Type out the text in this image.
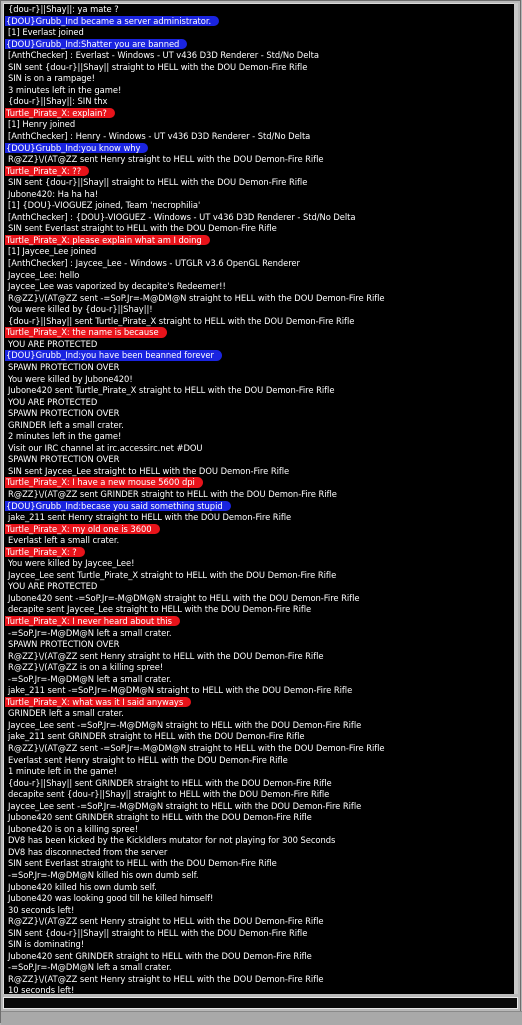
{dou-r}||Shay||: ya mate ?
{DOU}Grubb_Ind became a server administrator.
[1] Everlast joined
{DOU}Grubb_Ind:Shatter you are banned
[AnthChecker] : Everlast - Windows - UT v436 D3D Renderer - Std/No Delta
SIN sent {dou-r}||Shay|| straight to HELL with the DOU Demon-Fire Rifle
SIN is on a rampage!
3 minutes left in the game!
{dou-r}||Shay||: SIN thx
Turtle_Pirate_X: explain?
[1] Henry joined
[AnthChecker] : Henry - Windows - UT v436 D3D Renderer - Std/No Delta
{DOU}Grubb_Ind:you know why
R@ZZ}\/(AT@ZZ sent Henry straight to HELL with the DOU Demon-Fire Rifle
Turtle_Pirate_X: ??
SIN sent {dou-r}||Shay|| straight to HELL with the DOU Demon-Fire Rifle
Jubone420: Ha ha ha!
[1] {DOU}-VIOGUEZ joined, Team 'necrophilia'
[AnthChecker] : {DOU}-VIOGUEZ - Windows - UT v436 D3D Renderer - Std/No Delta
SIN sent Everlast straight to HELL with the DOU Demon-Fire Rifle
Turtle_Pirate_X: please explain what am I doing
[1] Jaycee_Lee joined
[AnthChecker] : Jaycee_Lee - Windows - UTGLR v3.6 OpenGL Renderer
Jaycee_Lee: hello
Jaycee_Lee was vaporized by decapite's Redeemer!!
R@ZZ}\/(AT@ZZ sent -=SoP.Jr=-M@DM@N straight to HELL with the DOU Demon-Fire Rifle
You were killed by {dou-r}||Shay||!
{dou-r}||Shay|| sent Turtle_Pirate_X straight to HELL with the DOU Demon-Fire Rifle
Turtle_Pirate_X: the name is because
YOU ARE PROTECTED
{DOU}Grubb_Ind:you have been beanned forever
SPAWN PROTECTION OVER
You were killed by Jubone420!
Jubone420 sent Turtle_Pirate_X straight to HELL with the DOU Demon-Fire Rifle
YOU ARE PROTECTED
SPAWN PROTECTION OVER
GRINDER left a small crater.
2 minutes left in the game!
Visit our IRC channel at irc.accessirc.net #DOU
SPAWN PROTECTION OVER
SIN sent Jaycee_Lee straight to HELL with the DOU Demon-Fire Rifle
Turtle_Pirate_X: I have a new mouse 5600 dpi
R@ZZ}\/(AT@ZZ sent GRINDER straight to HELL with the DOU Demon-Fire Rifle
{DOU}Grubb_Ind:becase you said something stupid
jake_211 sent Henry straight to HELL with the DOU Demon-Fire Rifle
Turtle_Pirate_X: my old one is 3600
Everlast left a small crater.
Turtle_Pirate_X: ?
You were killed by Jaycee_Lee!
Jaycee_Lee sent Turtle_Pirate_X straight to HELL with the DOU Demon-Fire Rifle
YOU ARE PROTECTED
Jubone420 sent -=SoP.Jr=-M@DM@N straight to HELL with the DOU Demon-Fire Rifle
decapite sent Jaycee_Lee straight to HELL with the DOU Demon-Fire Rifle
Turtle_Pirate_X: I never heard about this
-=SoP.Jr=-M@DM@N left a small crater.
SPAWN PROTECTION OVER
R@ZZ}\/(AT@ZZ sent Henry straight to HELL with the DOU Demon-Fire Rifle
R@ZZ}\/(AT@ZZ is on a killing spree!
-=SoP.Jr=-M@DM@N left a small crater.
jake_211 sent -=SoP.Jr=-M@DM@N straight to HELL with the DOU Demon-Fire Rifle
Turtle_Pirate_X: what was it I said anyways
GRINDER left a small crater.
Jaycee_Lee sent -=SoP.Jr=-M@DM@N straight to HELL with the DOU Demon-Fire Rifle
jake_211 sent GRINDER straight to HELL with the DOU Demon-Fire Rifle
R@ZZ}\/(AT@ZZ sent -=SoP.Jr=-M@DM@N straight to HELL with the DOU Demon-Fire Rifle
Everlast sent Henry straight to HELL with the DOU Demon-Fire Rifle
1 minute left in the game!
{dou-r}||Shay|| sent GRINDER straight to HELL with the DOU Demon-Fire Rifle
decapite sent {dou-r}||Shay|| straight to HELL with the DOU Demon-Fire Rifle
Jaycee_Lee sent -=SoP.Jr=-M@DM@N straight to HELL with the DOU Demon-Fire Rifle
Jubone420 sent GRINDER straight to HELL with the DOU Demon-Fire Rifle
Jubone420 is on a killing spree!
DV8 has been kicked by the KickIdlers mutator for not playing for 300 Seconds
DV8 has disconnected from the server
SIN sent Everlast straight to HELL with the DOU Demon-Fire Rifle
-=SoP.Jr=-M@DM@N killed his own dumb self.
Jubone420 killed his own dumb self.
Jubone420 was looking good till he killed himself!
30 seconds left!
R@ZZ}\/(AT@ZZ sent Henry straight to HELL with the DOU Demon-Fire Rifle
SIN sent {dou-r}||Shay|| straight to HELL with the DOU Demon-Fire Rifle
SIN is dominating!
Jubone420 sent GRINDER straight to HELL with the DOU Demon-Fire Rifle
-=SoP.Jr=-M@DM@N left a small crater.
R@ZZ}\/(AT@ZZ sent Henry straight to HELL with the DOU Demon-Fire Rifle
10 seconds left!
